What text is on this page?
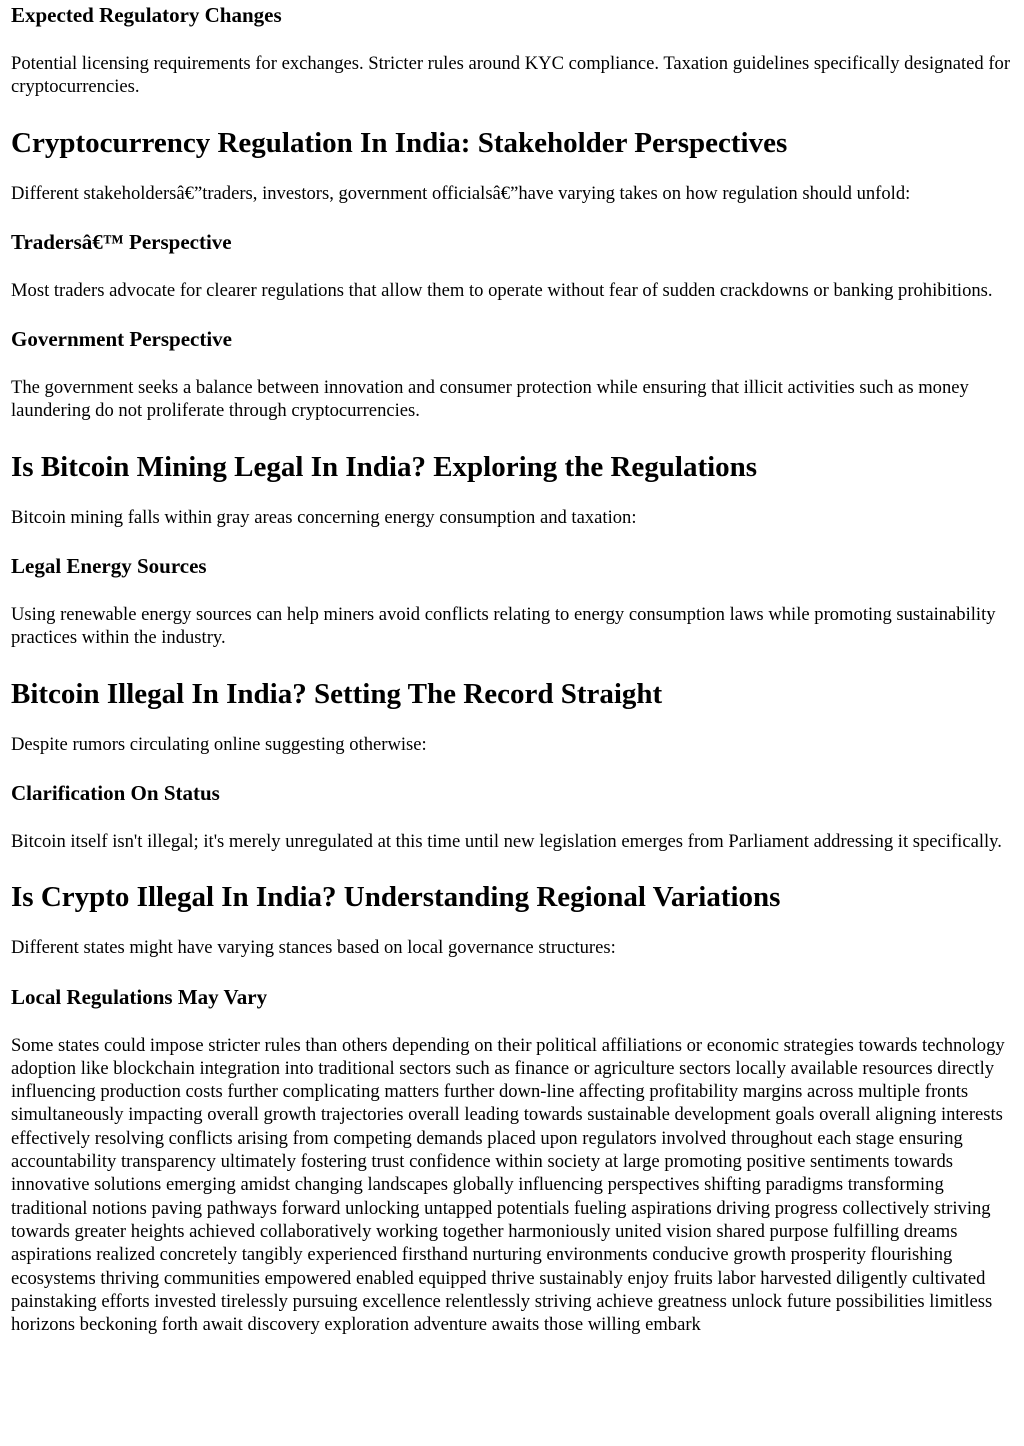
Expected Regulatory Changes

Potential licensing requirements for exchanges. Stricter rules around KYC compliance. Taxation guidelines specifically designated for cryptocurrencies.

Cryptocurrency Regulation In India: Stakeholder Perspectives

Different stakeholdersâ€”traders, investors, government officialsâ€”have varying takes on how regulation should unfold:

Tradersâ€™ Perspective

Most traders advocate for clearer regulations that allow them to operate without fear of sudden crackdowns or banking prohibitions.

Government Perspective

The government seeks a balance between innovation and consumer protection while ensuring that illicit activities such as money laundering do not proliferate through cryptocurrencies.

Is Bitcoin Mining Legal In India? Exploring the Regulations

Bitcoin mining falls within gray areas concerning energy consumption and taxation:

Legal Energy Sources

Using renewable energy sources can help miners avoid conflicts relating to energy consumption laws while promoting sustainability practices within the industry.

Bitcoin Illegal In India? Setting The Record Straight

Despite rumors circulating online suggesting otherwise:

Clarification On Status

Bitcoin itself isn't illegal; it's merely unregulated at this time until new legislation emerges from Parliament addressing it specifically.

Is Crypto Illegal In India? Understanding Regional Variations

Different states might have varying stances based on local governance structures:

Local Regulations May Vary

Some states could impose stricter rules than others depending on their political affiliations or economic strategies towards technology adoption like blockchain integration into traditional sectors such as finance or agriculture sectors locally available resources directly influencing production costs further complicating matters further down-line affecting profitability margins across multiple fronts simultaneously impacting overall growth trajectories overall leading towards sustainable development goals overall aligning interests effectively resolving conflicts arising from competing demands placed upon regulators involved throughout each stage ensuring accountability transparency ultimately fostering trust confidence within society at large promoting positive sentiments towards innovative solutions emerging amidst changing landscapes globally influencing perspectives shifting paradigms transforming traditional notions paving pathways forward unlocking untapped potentials fueling aspirations driving progress collectively striving towards greater heights achieved collaboratively working together harmoniously united vision shared purpose fulfilling dreams aspirations realized concretely tangibly experienced firsthand nurturing environments conducive growth prosperity flourishing ecosystems thriving communities empowered enabled equipped thrive sustainably enjoy fruits labor harvested diligently cultivated painstaking efforts invested tirelessly pursuing excellence relentlessly striving achieve greatness unlock future possibilities limitless horizons beckoning forth await discovery exploration adventure awaits those willing embark
